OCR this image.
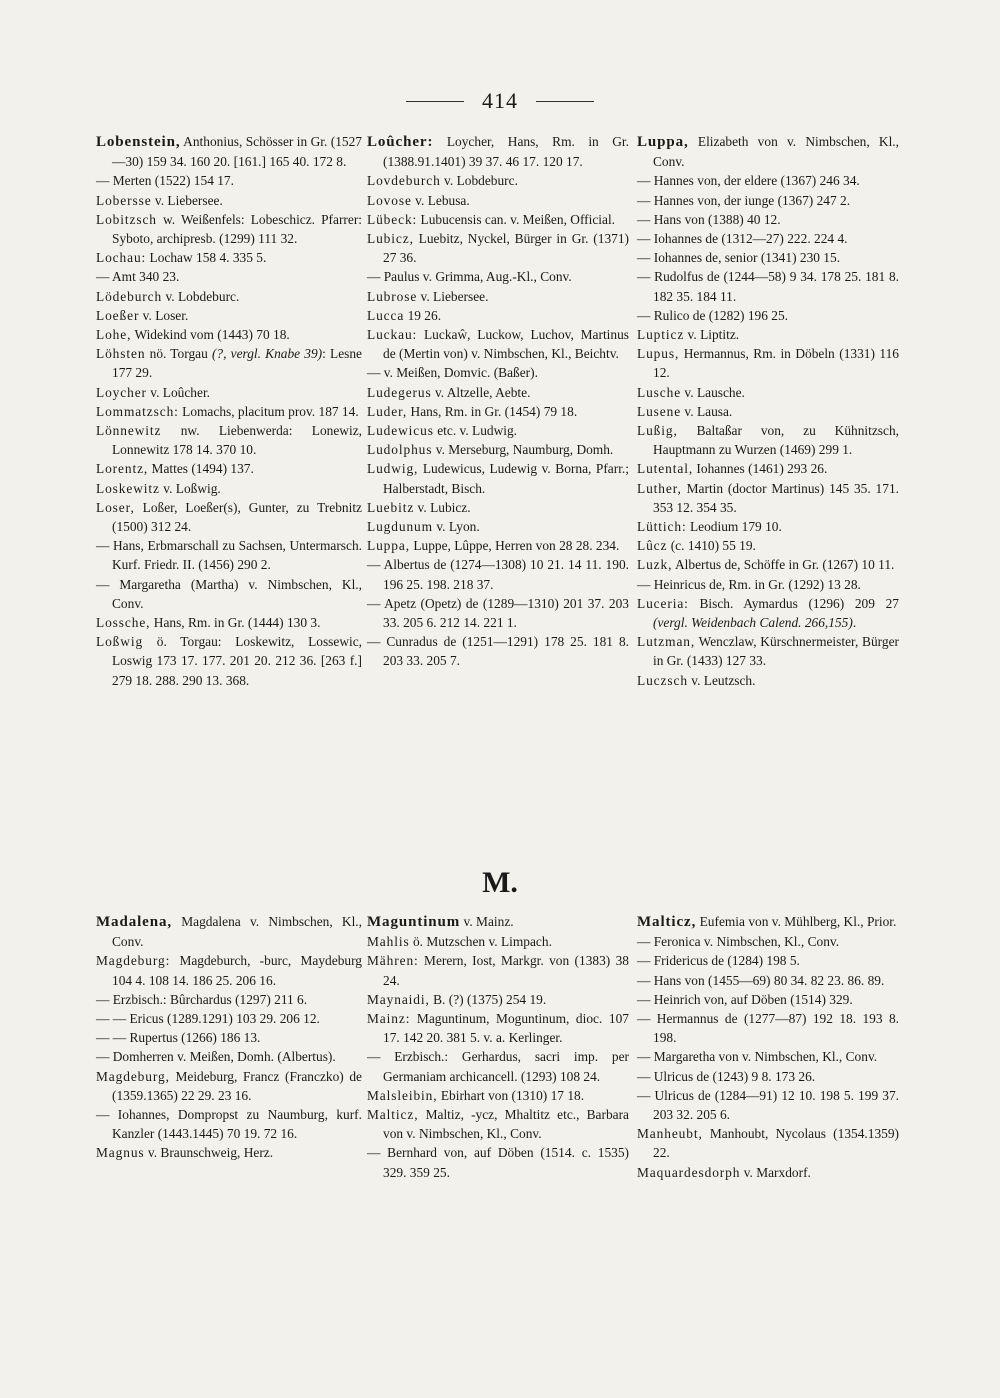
414

Lobenstein, Anthonius, Schösser in Gr. (1527—30) 159 34. 160 20. [161.] 165 40. 172 8.

— Merten (1522) 154 17.

Lobersse v. Liebersee.

Lobitzsch w. Weißenfels: Lobeschicz. Pfarrer: Syboto, archipresb. (1299) 111 32.

Lochau: Lochaw 158 4. 335 5.

— Amt 340 23.

Lödeburch v. Lobdeburc.

Loeßer v. Loser.

Lohe, Widekind vom (1443) 70 18.

Löhsten nö. Torgau (?, vergl. Knabe 39): Lesne 177 29.

Loycher v. Loûcher.

Lommatzsch: Lomachs, placitum prov. 187 14.

Lönnewitz nw. Liebenwerda: Lonewiz, Lonnewitz 178 14. 370 10.

Lorentz, Mattes (1494) 137.

Loskewitz v. Loßwig.

Loser, Loßer, Loeßer(s), Gunter, zu Trebnitz (1500) 312 24.

— Hans, Erbmarschall zu Sachsen, Untermarsch. Kurf. Friedr. II. (1456) 290 2.

— Margaretha (Martha) v. Nimbschen, Kl., Conv.

Lossche, Hans, Rm. in Gr. (1444) 130 3.

Loßwig ö. Torgau: Loskewitz, Lossewic, Loswig 173 17. 177. 201 20. 212 36. [263 f.] 279 18. 288. 290 13. 368.

Loûcher: Loycher, Hans, Rm. in Gr. (1388.91.1401) 39 37. 46 17. 120 17.

Lovdeburch v. Lobdeburc.

Lovose v. Lebusa.

Lübeck: Lubucensis can. v. Meißen, Official.

Lubicz, Luebitz, Nyckel, Bürger in Gr. (1371) 27 36.

— Paulus v. Grimma, Aug.-Kl., Conv.

Lubrose v. Liebersee.

Lucca 19 26.

Luckau: Luckaŵ, Luckow, Luchov, Martinus de (Mertin von) v. Nimbschen, Kl., Beichtv.

— v. Meißen, Domvic. (Baßer).

Ludegerus v. Altzelle, Aebte.

Luder, Hans, Rm. in Gr. (1454) 79 18.

Ludewicus etc. v. Ludwig.

Ludolphus v. Merseburg, Naumburg, Domh.

Ludwig, Ludewicus, Ludewig v. Borna, Pfarr.; Halberstadt, Bisch.

Luebitz v. Lubicz.

Lugdunum v. Lyon.

Luppa, Luppe, Lûppe, Herren von 28 28. 234.

— Albertus de (1274—1308) 10 21. 14 11. 190. 196 25. 198. 218 37.

— Apetz (Opetz) de (1289—1310) 201 37. 203 33. 205 6. 212 14. 221 1.

— Cunradus de (1251—1291) 178 25. 181 8. 203 33. 205 7.

Luppa, Elizabeth von v. Nimbschen, Kl., Conv.

— Hannes von, der eldere (1367) 246 34.

— Hannes von, der iunge (1367) 247 2.

— Hans von (1388) 40 12.

— Iohannes de (1312—27) 222. 224 4.

— Iohannes de, senior (1341) 230 15.

— Rudolfus de (1244—58) 9 34. 178 25. 181 8. 182 35. 184 11.

— Rulico de (1282) 196 25.

Lupticz v. Liptitz.

Lupus, Hermannus, Rm. in Döbeln (1331) 116 12.

Lusche v. Lausche.

Lusene v. Lausa.

Lußig, Baltaßar von, zu Kühnitzsch, Hauptmann zu Wurzen (1469) 299 1.

Lutental, Iohannes (1461) 293 26.

Luther, Martin (doctor Martinus) 145 35. 171. 353 12. 354 35.

Lüttich: Leodium 179 10.

Lûcz (c. 1410) 55 19.

Luzk, Albertus de, Schöffe in Gr. (1267) 10 11.

— Heinricus de, Rm. in Gr. (1292) 13 28.

Luceria: Bisch. Aymardus (1296) 209 27 (vergl. Weidenbach Calend. 266,155).

Lutzman, Wenczlaw, Kürschnermeister, Bürger in Gr. (1433) 127 33.

Luczsch v. Leutzsch.

M.

Madalena, Magdalena v. Nimbschen, Kl., Conv.

Magdeburg: Magdeburch, -burc, Maydeburg 104 4. 108 14. 186 25. 206 16.

— Erzbisch.: Bûrchardus (1297) 211 6.

— — Ericus (1289.1291) 103 29. 206 12.

— — Rupertus (1266) 186 13.

— Domherren v. Meißen, Domh. (Albertus).

Magdeburg, Meideburg, Francz (Franczko) de (1359.1365) 22 29. 23 16.

— Iohannes, Dompropst zu Naumburg, kurf. Kanzler (1443.1445) 70 19. 72 16.

Magnus v. Braunschweig, Herz.

Maguntinum v. Mainz.

Mahlis ö. Mutzschen v. Limpach.

Mähren: Merern, Iost, Markgr. von (1383) 38 24.

Maynaidi, B. (?) (1375) 254 19.

Mainz: Maguntinum, Moguntinum, dioc. 107 17. 142 20. 381 5. v. a. Kerlinger.

— Erzbisch.: Gerhardus, sacri imp. per Germaniam archicancell. (1293) 108 24.

Malsleibin, Ebirhart von (1310) 17 18.

Malticz, Maltiz, -ycz, Mhaltitz etc., Barbara von v. Nimbschen, Kl., Conv.

— Bernhard von, auf Döben (1514. c. 1535) 329. 359 25.

Malticz, Eufemia von v. Mühlberg, Kl., Prior.

— Feronica v. Nimbschen, Kl., Conv.

— Fridericus de (1284) 198 5.

— Hans von (1455—69) 80 34. 82 23. 86. 89.

— Heinrich von, auf Döben (1514) 329.

— Hermannus de (1277—87) 192 18. 193 8. 198.

— Margaretha von v. Nimbschen, Kl., Conv.

— Ulricus de (1243) 9 8. 173 26.

— Ulricus de (1284—91) 12 10. 198 5. 199 37. 203 32. 205 6.

Manheubt, Manhoubt, Nycolaus (1354.1359) 22.

Maquardesdorph v. Marxdorf.
